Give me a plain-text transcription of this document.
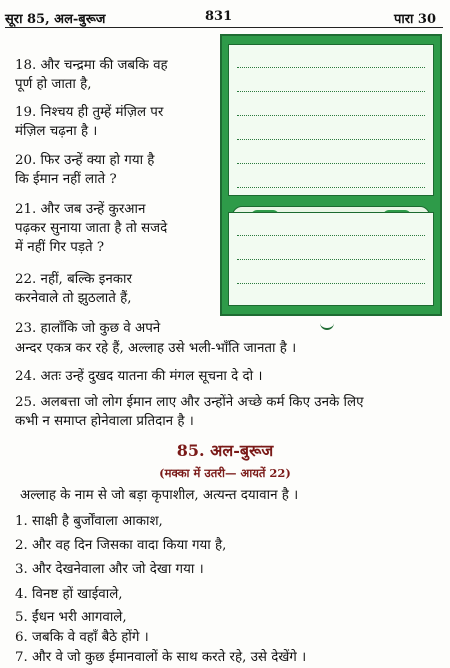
सूरा 85, अल-बुरूज	831	पारा 30
18. और चन्द्रमा की जबकि वह
पूर्ण हो जाता है,
19. निश्चय ही तुम्हें मंज़िल पर
मंज़िल चढ़ना है ।
20. फिर उन्हें क्या हो गया है
कि ईमान नहीं लाते ?
21. और जब उन्हें कुरआन
पढ़कर सुनाया जाता है तो सजदे
में नहीं गिर पड़ते ?
22. नहीं, बल्कि इनकार
करनेवाले तो झुठलाते हैं,
23. हालाँकि जो कुछ वे अपने
अन्दर एकत्र कर रहे हैं, अल्लाह उसे भली-भाँति जानता है ।
24. अतः उन्हें दुखद यातना की मंगल सूचना दे दो ।
25. अलबत्ता जो लोग ईमान लाए और उन्होंने अच्छे कर्म किए उनके लिए
कभी न समाप्त होनेवाला प्रतिदान है ।
85. अल-बुरूज
(मक्का में उतरी— आयतें 22)
अल्लाह के नाम से जो बड़ा कृपाशील, अत्यन्त दयावान है ।
1. साक्षी है बुर्जोंवाला आकाश,
2. और वह दिन जिसका वादा किया गया है,
3. और देखनेवाला और जो देखा गया ।
4. विनष्ट हों खाईवाले,
5. ईंधन भरी आगवाले,
6. जबकि वे वहाँ बैठे होंगे ।
7. और वे जो कुछ ईमानवालों के साथ करते रहे, उसे देखेंगे ।
